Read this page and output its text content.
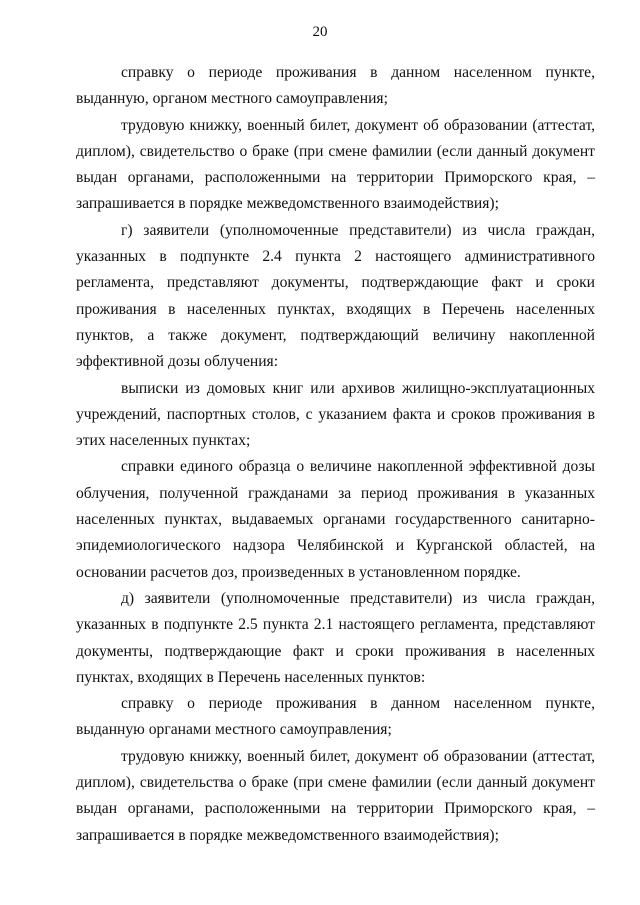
20

справку о периоде проживания в данном населенном пункте, выданную, органом местного самоуправления;

трудовую книжку, военный билет, документ об образовании (аттестат, диплом), свидетельство о браке (при смене фамилии (если данный документ выдан органами, расположенными на территории Приморского края, – запрашивается в порядке межведомственного взаимодействия);

г) заявители (уполномоченные представители) из числа граждан, указанных в подпункте 2.4 пункта 2 настоящего административного регламента, представляют документы, подтверждающие факт и сроки проживания в населенных пунктах, входящих в Перечень населенных пунктов, а также документ, подтверждающий величину накопленной эффективной дозы облучения:

выписки из домовых книг или архивов жилищно-эксплуатационных учреждений, паспортных столов, с указанием факта и сроков проживания в этих населенных пунктах;

справки единого образца о величине накопленной эффективной дозы облучения, полученной гражданами за период проживания в указанных населенных пунктах, выдаваемых органами государственного санитарно-эпидемиологического надзора Челябинской и Курганской областей, на основании расчетов доз, произведенных в установленном порядке.

д) заявители (уполномоченные представители) из числа граждан, указанных в подпункте 2.5 пункта 2.1 настоящего регламента, представляют документы, подтверждающие факт и сроки проживания в населенных пунктах, входящих в Перечень населенных пунктов:

справку о периоде проживания в данном населенном пункте, выданную органами местного самоуправления;

трудовую книжку, военный билет, документ об образовании (аттестат, диплом), свидетельства о браке (при смене фамилии (если данный документ выдан органами, расположенными на территории Приморского края, – запрашивается в порядке межведомственного взаимодействия);
